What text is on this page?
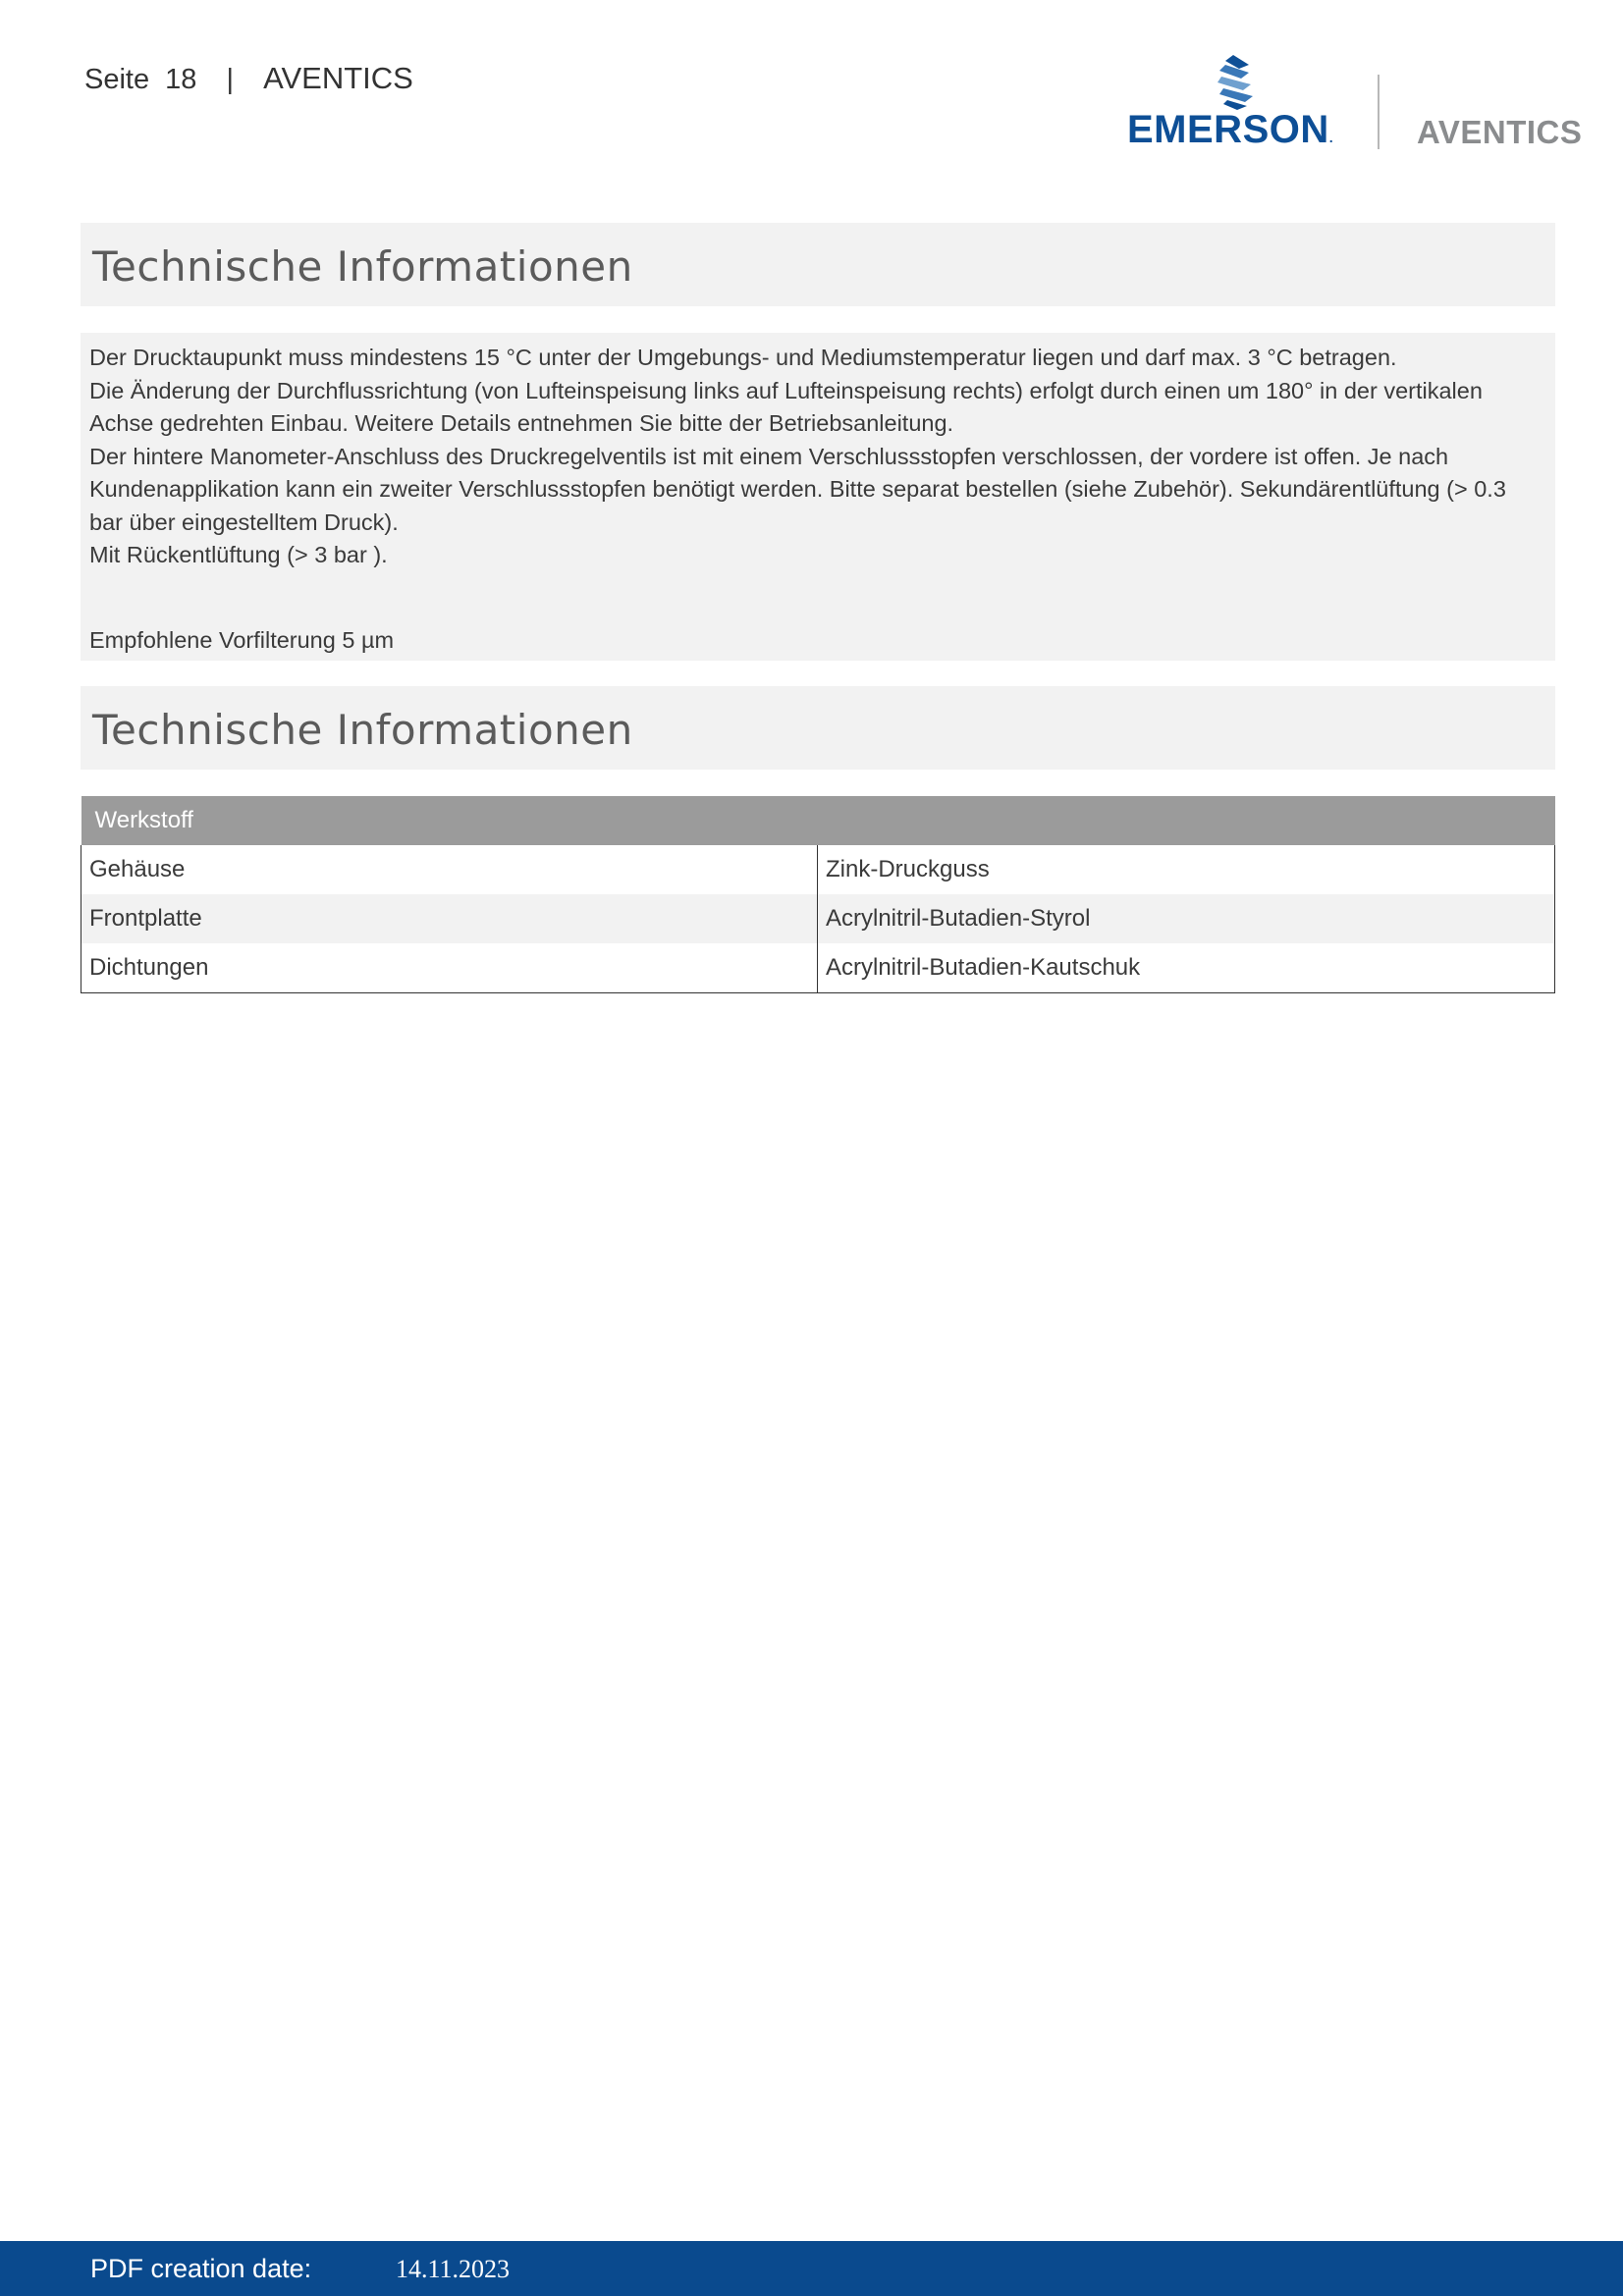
Seite 18 | AVENTICS
EMERSON.	AVENTICS
Technische Informationen

Der Drucktaupunkt muss mindestens 15 °C unter der Umgebungs- und Mediumstemperatur liegen und darf max. 3 °C betragen.

Die Änderung der Durchflussrichtung (von Lufteinspeisung links auf Lufteinspeisung rechts) erfolgt durch einen um 180° in der vertikalen Achse gedrehten Einbau. Weitere Details entnehmen Sie bitte der Betriebsanleitung.

Der hintere Manometer-Anschluss des Druckregelventils ist mit einem Verschlussstopfen verschlossen, der vordere ist offen. Je nach Kundenapplikation kann ein zweiter Verschlussstopfen benötigt werden. Bitte separat bestellen (siehe Zubehör). Sekundärentlüftung (> 0.3 bar über eingestelltem Druck).

Mit Rückentlüftung (> 3 bar ).

Empfohlene Vorfilterung 5 µm

Technische Informationen
Werkstoff	
Gehäuse	Zink-Druckguss
Frontplatte	Acrylnitril-Butadien-Styrol
Dichtungen	Acrylnitril-Butadien-Kautschuk
PDF creation date:	14.11.2023
